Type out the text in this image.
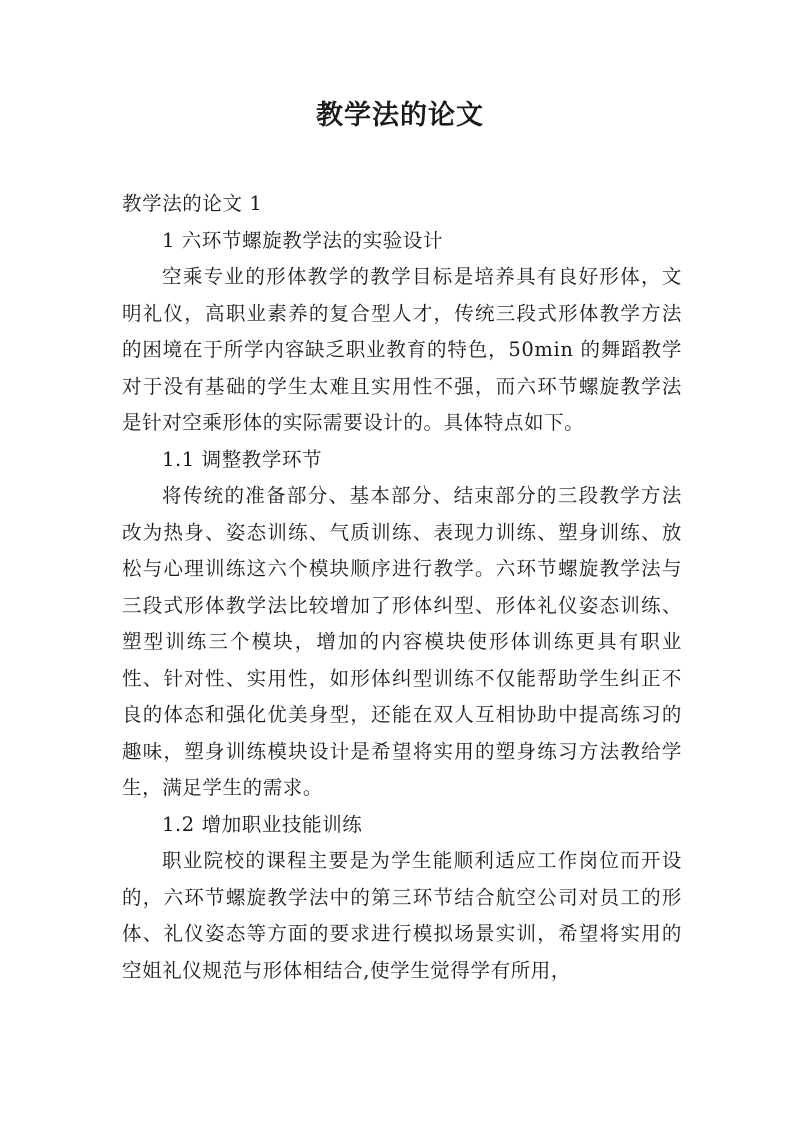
教学法的论文

教学法的论文 1

1 六环节螺旋教学法的实验设计

空乘专业的形体教学的教学目标是培养具有良好形体，文明礼仪，高职业素养的复合型人才，传统三段式形体教学方法的困境在于所学内容缺乏职业教育的特色，50min 的舞蹈教学对于没有基础的学生太难且实用性不强，而六环节螺旋教学法是针对空乘形体的实际需要设计的。具体特点如下。

1.1 调整教学环节

将传统的准备部分、基本部分、结束部分的三段教学方法改为热身、姿态训练、气质训练、表现力训练、塑身训练、放松与心理训练这六个模块顺序进行教学。六环节螺旋教学法与三段式形体教学法比较增加了形体纠型、形体礼仪姿态训练、塑型训练三个模块，增加的内容模块使形体训练更具有职业性、针对性、实用性，如形体纠型训练不仅能帮助学生纠正不良的体态和强化优美身型，还能在双人互相协助中提高练习的趣味，塑身训练模块设计是希望将实用的塑身练习方法教给学生，满足学生的需求。

1.2 增加职业技能训练

职业院校的课程主要是为学生能顺利适应工作岗位而开设的，六环节螺旋教学法中的第三环节结合航空公司对员工的形体、礼仪姿态等方面的要求进行模拟场景实训，希望将实用的空姐礼仪规范与形体相结合,使学生觉得学有所用，
